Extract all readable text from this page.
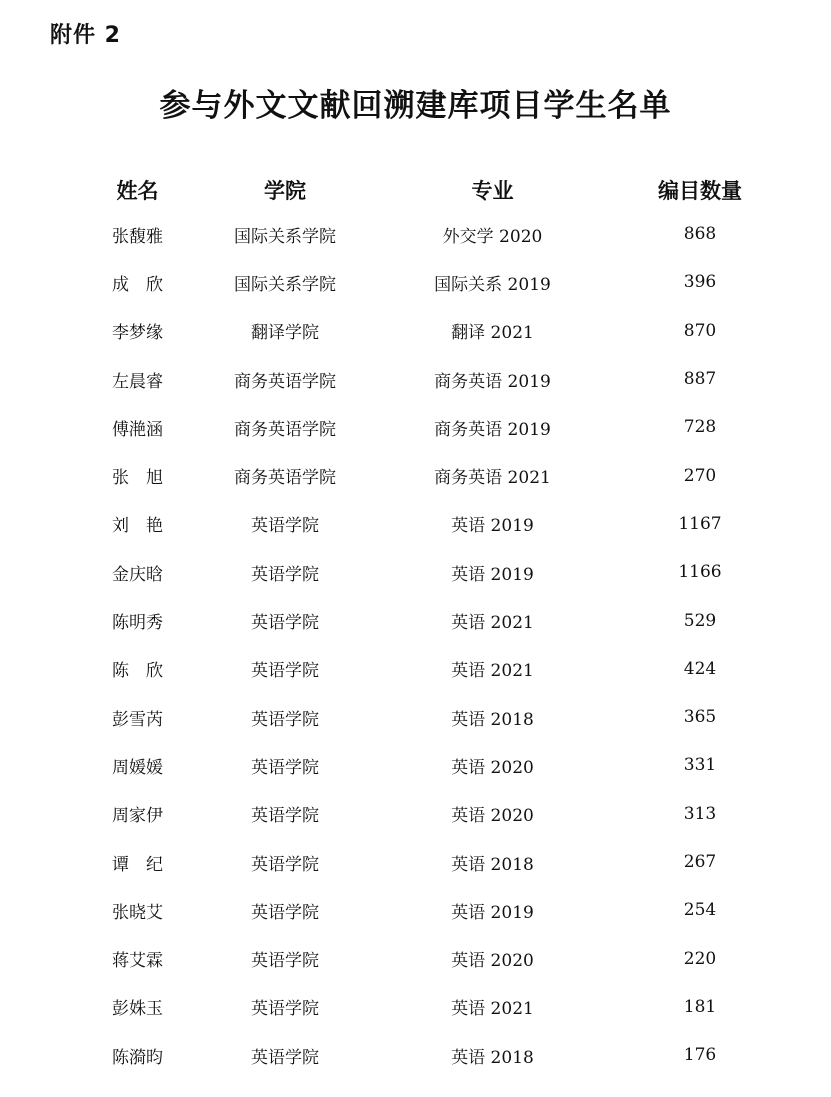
附件 2
参与外文文献回溯建库项目学生名单
姓名	学院	专业	编目数量
张馥雅	国际关系学院	外交学 2020	868
成　欣	国际关系学院	国际关系 2019	396
李梦缘	翻译学院	翻译 2021	870
左晨睿	商务英语学院	商务英语 2019	887
傅滟涵	商务英语学院	商务英语 2019	728
张　旭	商务英语学院	商务英语 2021	270
刘　艳	英语学院	英语 2019	1167
金庆晗	英语学院	英语 2019	1166
陈明秀	英语学院	英语 2021	529
陈　欣	英语学院	英语 2021	424
彭雪芮	英语学院	英语 2018	365
周媛媛	英语学院	英语 2020	331
周家伊	英语学院	英语 2020	313
谭　纪	英语学院	英语 2018	267
张晓艾	英语学院	英语 2019	254
蒋艾霖	英语学院	英语 2020	220
彭姝玉	英语学院	英语 2021	181
陈漪昀	英语学院	英语 2018	176
